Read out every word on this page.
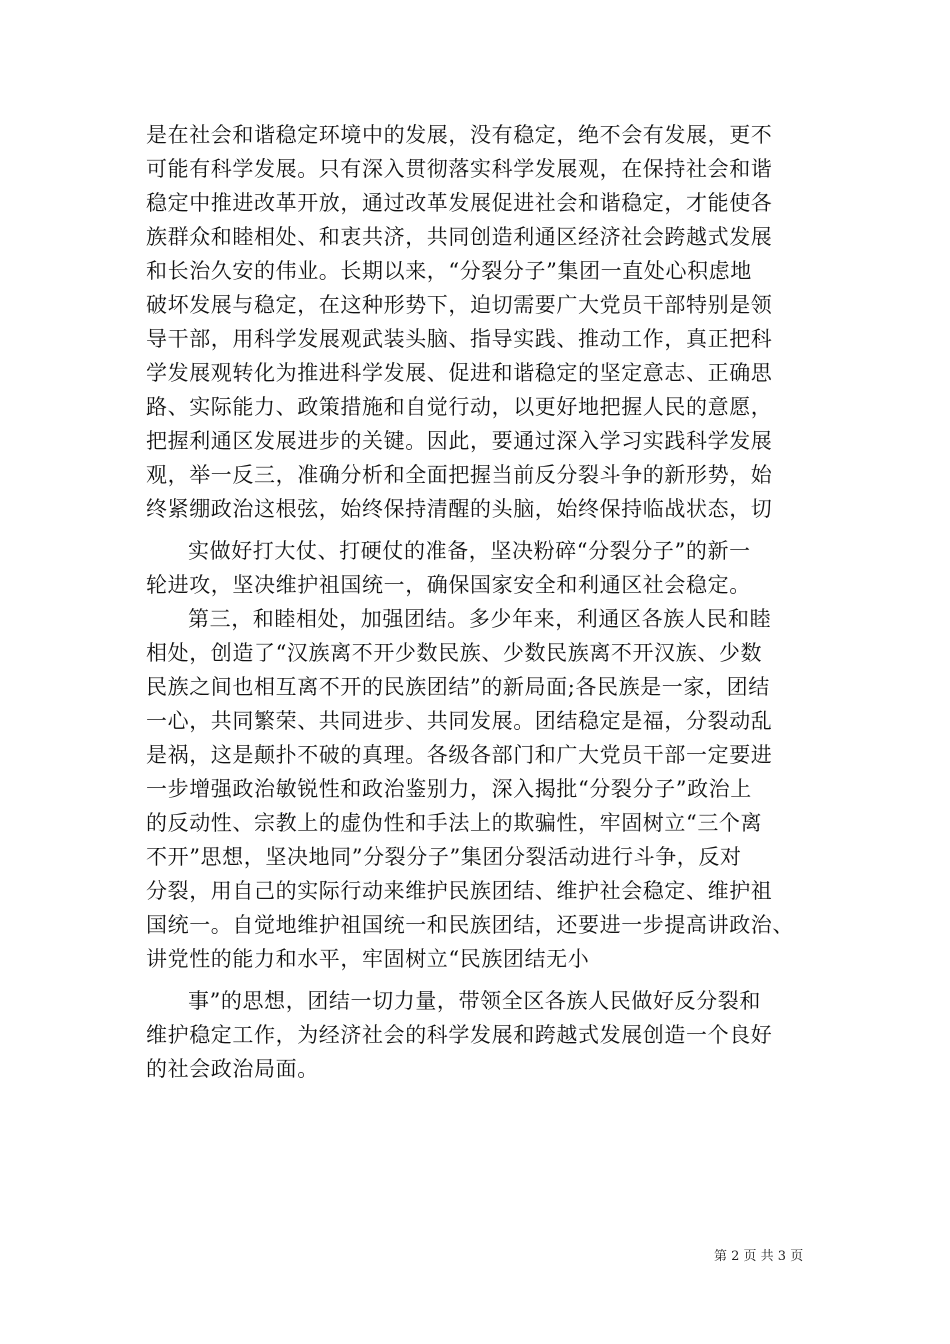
是在社会和谐稳定环境中的发展，没有稳定，绝不会有发展，更不
可能有科学发展。只有深入贯彻落实科学发展观，在保持社会和谐
稳定中推进改革开放，通过改革发展促进社会和谐稳定，才能使各
族群众和睦相处、和衷共济，共同创造利通区经济社会跨越式发展
和长治久安的伟业。长期以来，“分裂分子”集团一直处心积虑地
破坏发展与稳定，在这种形势下，迫切需要广大党员干部特别是领
导干部，用科学发展观武装头脑、指导实践、推动工作，真正把科
学发展观转化为推进科学发展、促进和谐稳定的坚定意志、正确思
路、实际能力、政策措施和自觉行动，以更好地把握人民的意愿，
把握利通区发展进步的关键。因此，要通过深入学习实践科学发展
观，举一反三，准确分析和全面把握当前反分裂斗争的新形势，始
终紧绷政治这根弦，始终保持清醒的头脑，始终保持临战状态，切
实做好打大仗、打硬仗的准备，坚决粉碎“分裂分子”的新一
轮进攻，坚决维护祖国统一，确保国家安全和利通区社会稳定。
第三，和睦相处，加强团结。多少年来，利通区各族人民和睦
相处，创造了“汉族离不开少数民族、少数民族离不开汉族、少数
民族之间也相互离不开的民族团结”的新局面;各民族是一家，团结
一心，共同繁荣、共同进步、共同发展。团结稳定是福，分裂动乱
是祸，这是颠扑不破的真理。各级各部门和广大党员干部一定要进
一步增强政治敏锐性和政治鉴别力，深入揭批“分裂分子”政治上
的反动性、宗教上的虚伪性和手法上的欺骗性，牢固树立“三个离
不开”思想，坚决地同”分裂分子”集团分裂活动进行斗争，反对
分裂，用自己的实际行动来维护民族团结、维护社会稳定、维护祖
国统一。自觉地维护祖国统一和民族团结，还要进一步提高讲政治、
讲党性的能力和水平，牢固树立“民族团结无小
事”的思想，团结一切力量，带领全区各族人民做好反分裂和
维护稳定工作，为经济社会的科学发展和跨越式发展创造一个良好
的社会政治局面。
第 2 页 共 3 页
